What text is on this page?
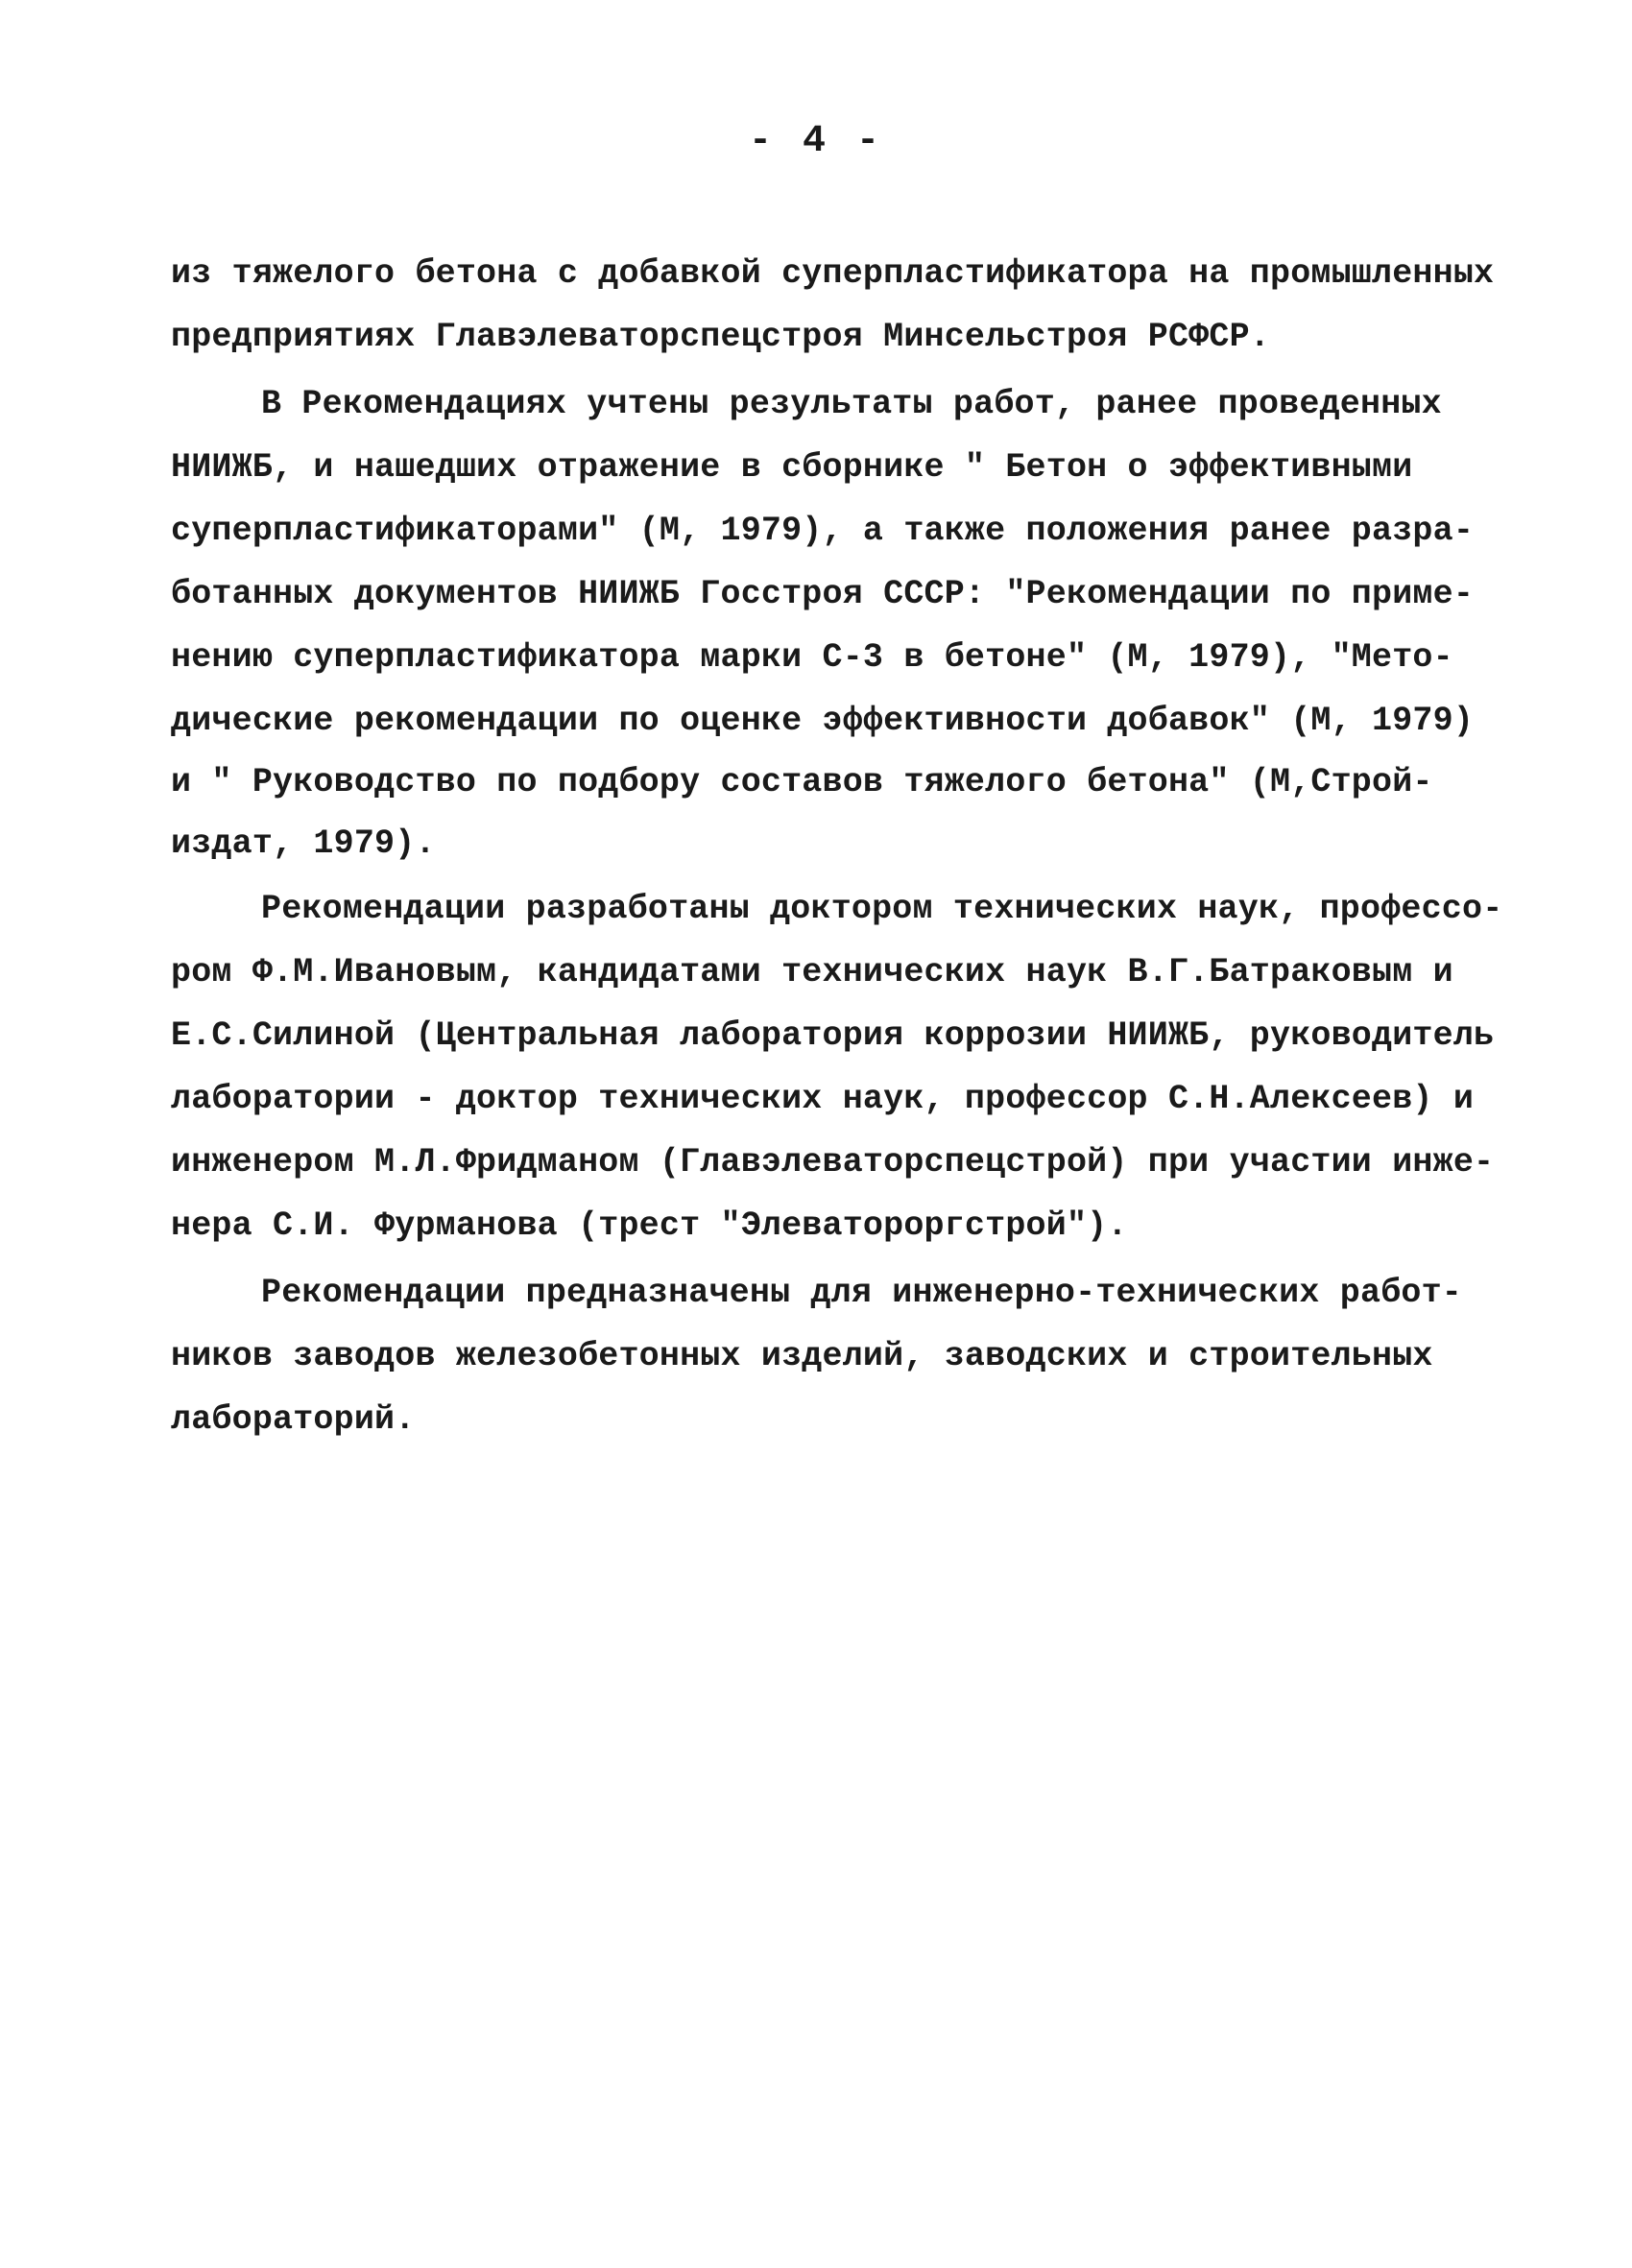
- 4 -
из тяжелого бетона с добавкой суперпластификатора на промышленных
предприятиях Главэлеваторспецстроя Минсельстроя РСФСР.
В Рекомендациях учтены результаты работ, ранее проведенных
НИИЖБ, и нашедших отражение в сборнике " Бетон о эффективными
суперпластификаторами" (М, 1979), а также положения ранее разра-
ботанных документов НИИЖБ Госстроя СССР: "Рекомендации по приме-
нению суперпластификатора марки С-3 в бетоне" (М, 1979), "Мето-
дические рекомендации по оценке эффективности добавок" (М, 1979)
и " Руководство по подбору составов тяжелого бетона" (М,Строй-
издат, 1979).
Рекомендации разработаны доктором технических наук, профессо-
ром Ф.М.Ивановым, кандидатами технических наук В.Г.Батраковым и
Е.С.Силиной (Центральная лаборатория коррозии НИИЖБ, руководитель
лаборатории - доктор технических наук, профессор С.Н.Алексеев) и
инженером М.Л.Фридманом (Главэлеваторспецстрой) при участии инже-
нера С.И. Фурманова (трест "Элеватороргстрой").
Рекомендации предназначены для инженерно-технических работ-
ников заводов железобетонных изделий, заводских и строительных
лабораторий.
